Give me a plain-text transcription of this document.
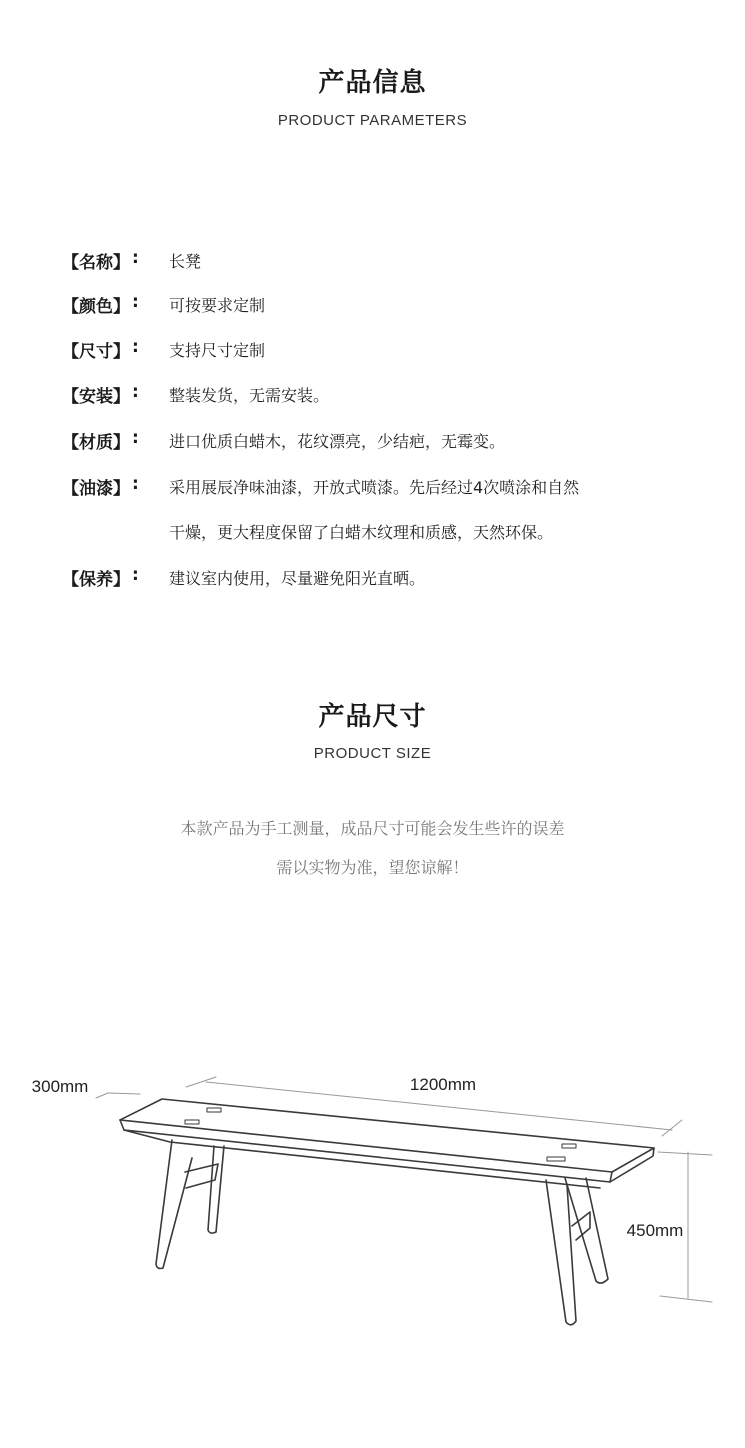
产品信息
PRODUCT PARAMETERS
【名称】 : 长凳
【颜色】 : 可按要求定制
【尺寸】 : 支持尺寸定制
【安装】 : 整装发货，无需安装。
【材质】 : 进口优质白蜡木，花纹漂亮，少结疤，无霉变。
【油漆】 : 采用展辰净味油漆，开放式喷漆。先后经过4次喷涂和自然
干燥，更大程度保留了白蜡木纹理和质感，天然环保。
【保养】 : 建议室内使用，尽量避免阳光直晒。
产品尺寸
PRODUCT SIZE
本款产品为手工测量，成品尺寸可能会发生些许的误差
需以实物为准，望您谅解！
300mm	1200mm
450mm
